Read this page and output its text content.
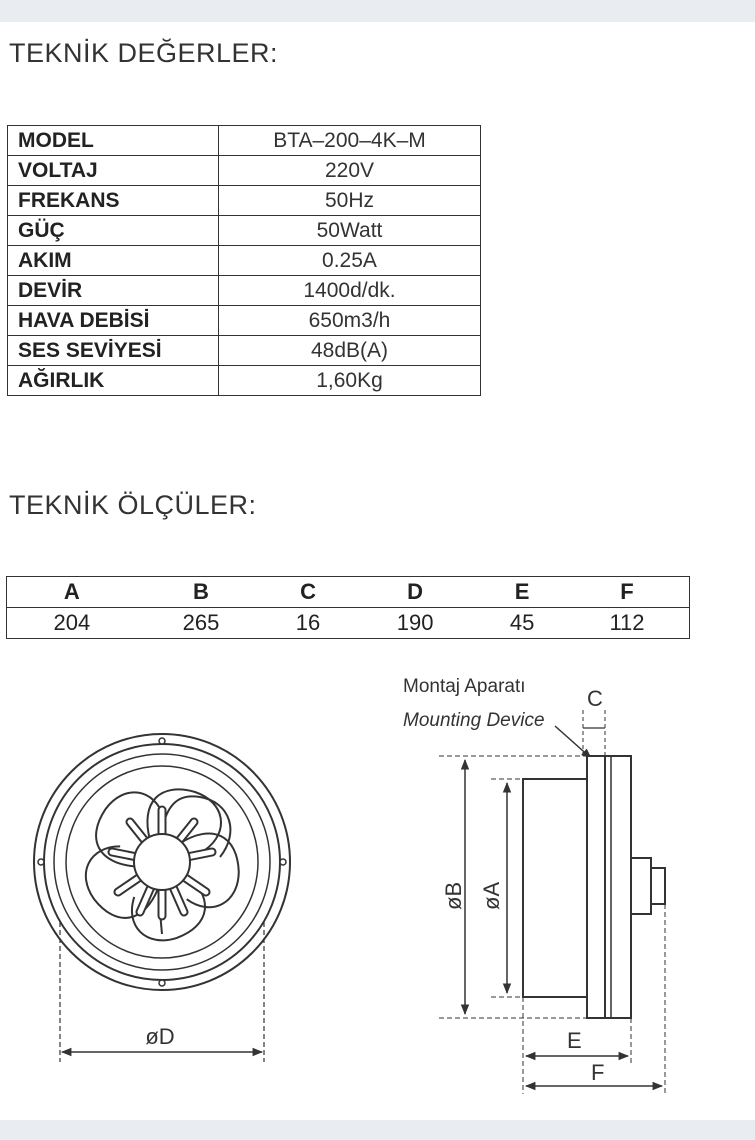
TEKNİK DEĞERLER:
MODEL	BTA–200–4K–M
VOLTAJ	220V
FREKANS	50Hz
GÜÇ	50Watt
AKIM	0.25A
DEVİR	1400d/dk.
HAVA DEBİSİ	650m3/h
SES SEVİYESİ	48dB(A)
AĞIRLIK	1,60Kg
TEKNİK ÖLÇÜLER:
A	B	C	D	E	F
204	265	16	190	45	112
øD
Montaj Aparatı
Mounting Device
C
øB øA
E
F
